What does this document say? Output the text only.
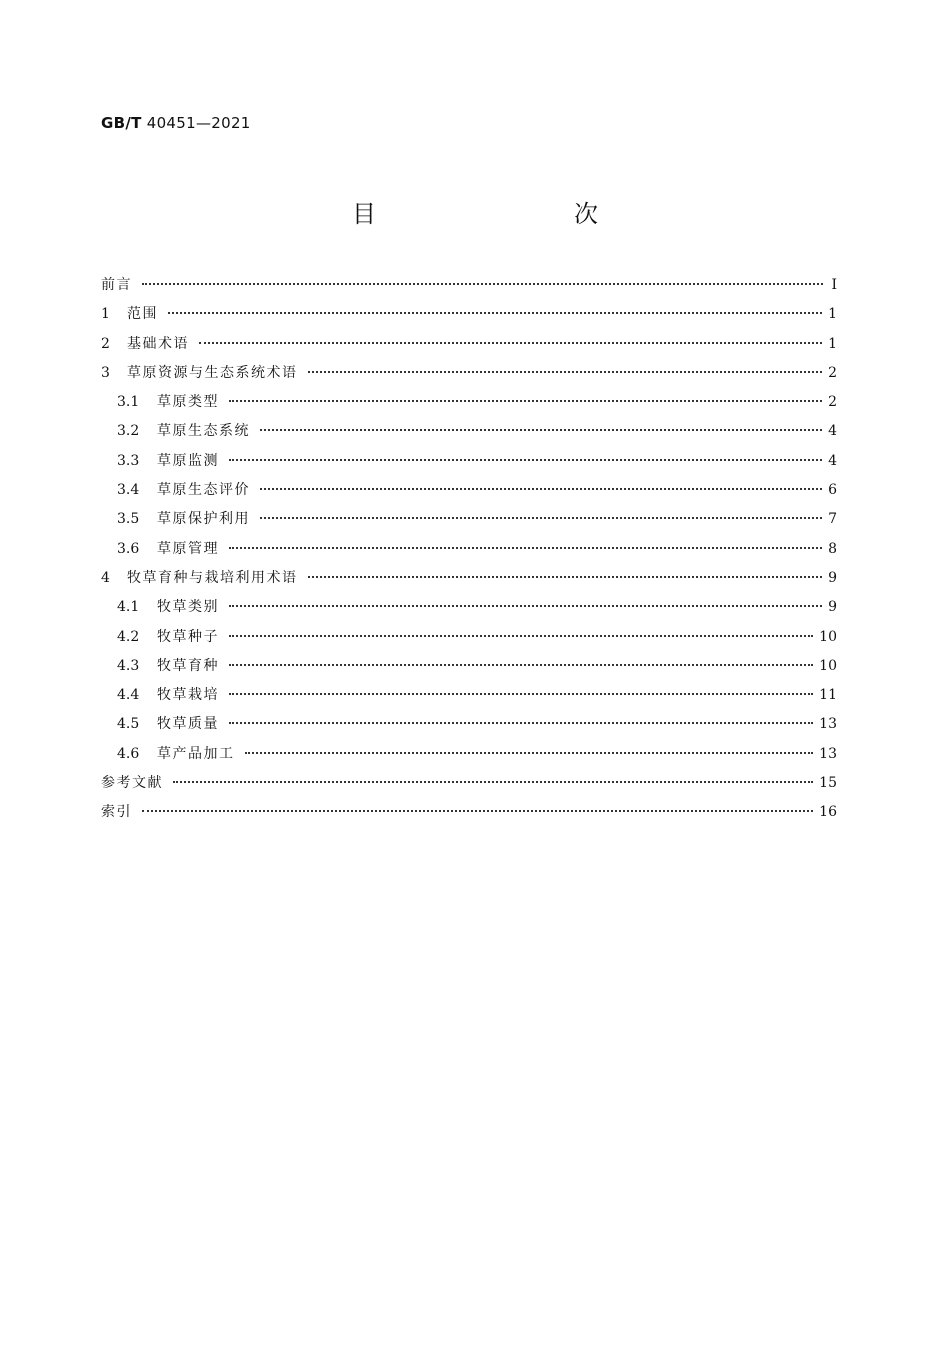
GB/T 40451—2021
目　　次
前言	Ⅰ
1	范围	1
2	基础术语	1
3	草原资源与生态系统术语	2
3.1	草原类型	2
3.2	草原生态系统	4
3.3	草原监测	4
3.4	草原生态评价	6
3.5	草原保护利用	7
3.6	草原管理	8
4	牧草育种与栽培利用术语	9
4.1	牧草类别	9
4.2	牧草种子	10
4.3	牧草育种	10
4.4	牧草栽培	11
4.5	牧草质量	13
4.6	草产品加工	13
参考文献	15
索引	16
